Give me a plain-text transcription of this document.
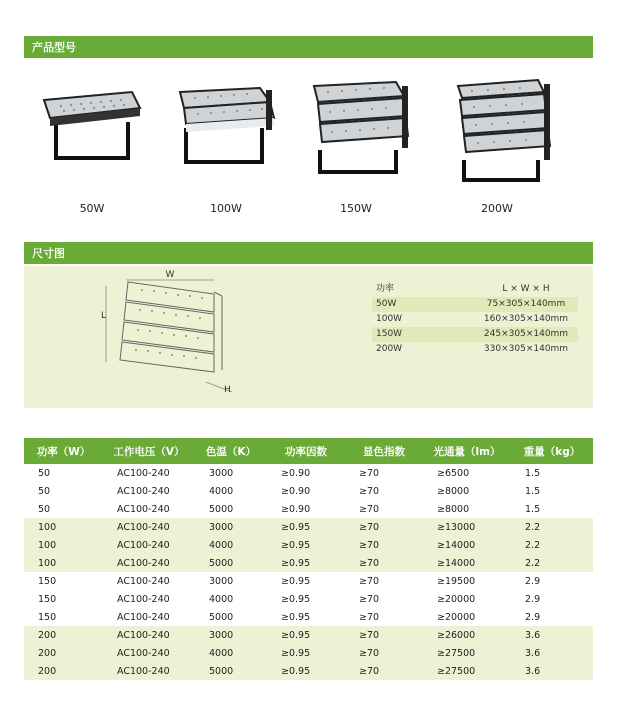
产品型号
50W	100W	150W	200W
尺寸图
W
L
H
功率	L × W × H
50W	75×305×140mm
100W	160×305×140mm
150W	245×305×140mm
200W	330×305×140mm
功率（W）	工作电压（V）	色温（K）	功率因数	显色指数	光通量（lm）	重量（kg）
50	AC100-240	3000	≥0.90	≥70	≥6500	1.5
50	AC100-240	4000	≥0.90	≥70	≥8000	1.5
50	AC100-240	5000	≥0.90	≥70	≥8000	1.5
100	AC100-240	3000	≥0.95	≥70	≥13000	2.2
100	AC100-240	4000	≥0.95	≥70	≥14000	2.2
100	AC100-240	5000	≥0.95	≥70	≥14000	2.2
150	AC100-240	3000	≥0.95	≥70	≥19500	2.9
150	AC100-240	4000	≥0.95	≥70	≥20000	2.9
150	AC100-240	5000	≥0.95	≥70	≥20000	2.9
200	AC100-240	3000	≥0.95	≥70	≥26000	3.6
200	AC100-240	4000	≥0.95	≥70	≥27500	3.6
200	AC100-240	5000	≥0.95	≥70	≥27500	3.6
